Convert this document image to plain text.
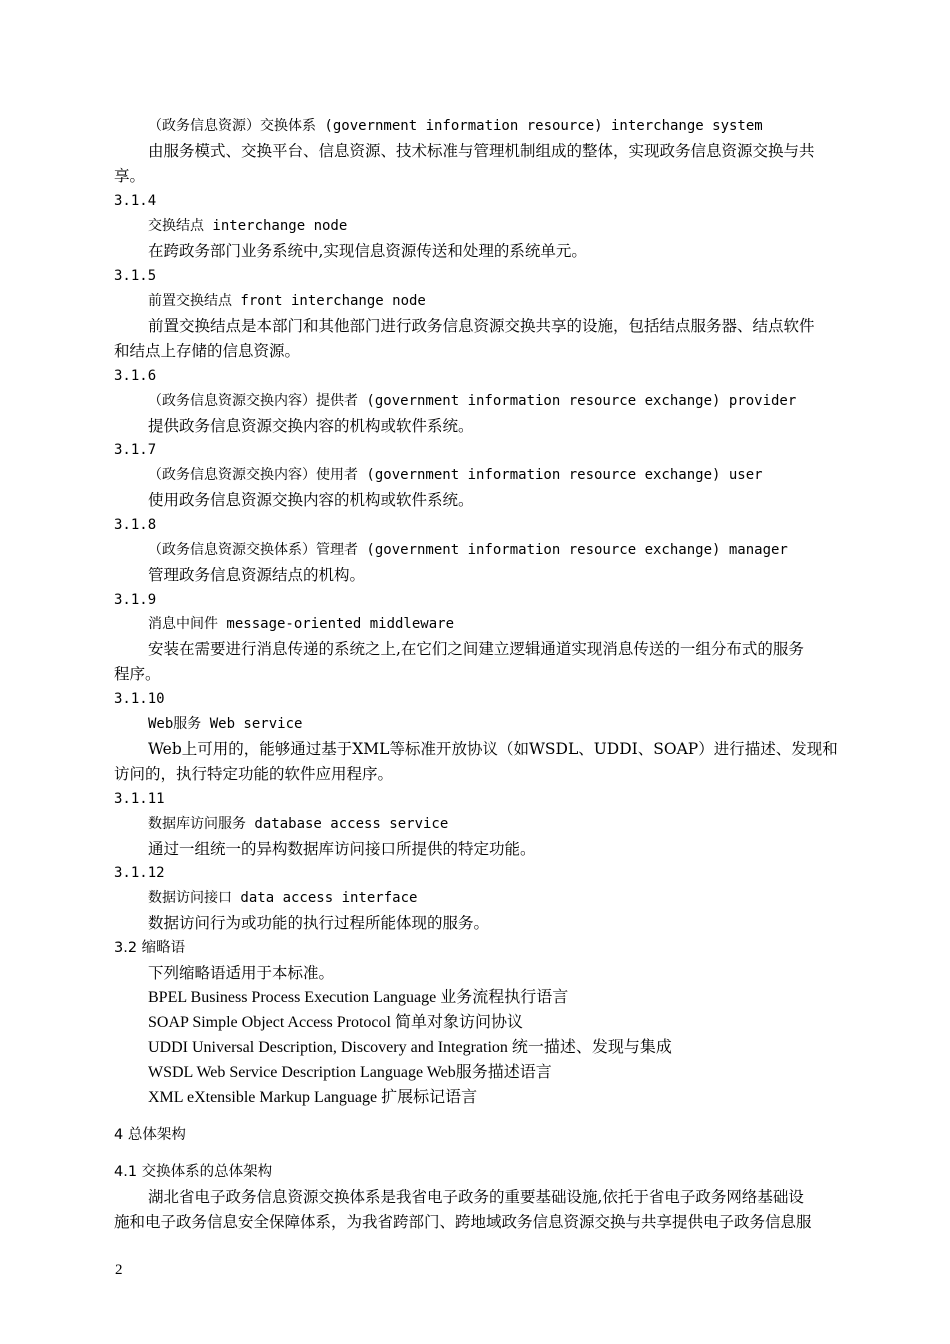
（政务信息资源）交换体系 (government information resource) interchange system
由服务模式、交换平台、信息资源、技术标准与管理机制组成的整体，实现政务信息资源交换与共
享。
3.1.4
交换结点 interchange node
在跨政务部门业务系统中,实现信息资源传送和处理的系统单元。
3.1.5
前置交换结点 front interchange node
前置交换结点是本部门和其他部门进行政务信息资源交换共享的设施，包括结点服务器、结点软件
和结点上存储的信息资源。
3.1.6
（政务信息资源交换内容）提供者 (government information resource exchange) provider
提供政务信息资源交换内容的机构或软件系统。
3.1.7
（政务信息资源交换内容）使用者 (government information resource exchange) user
使用政务信息资源交换内容的机构或软件系统。
3.1.8
（政务信息资源交换体系）管理者 (government information resource exchange) manager
管理政务信息资源结点的机构。
3.1.9
消息中间件 message-oriented middleware
安装在需要进行消息传递的系统之上,在它们之间建立逻辑通道实现消息传送的一组分布式的服务
程序。
3.1.10
Web服务 Web service
Web上可用的，能够通过基于XML等标准开放协议（如WSDL、UDDI、SOAP）进行描述、发现和
访问的，执行特定功能的软件应用程序。
3.1.11
数据库访问服务 database access service
通过一组统一的异构数据库访问接口所提供的特定功能。
3.1.12
数据访问接口 data access interface
数据访问行为或功能的执行过程所能体现的服务。
3.2 缩略语
下列缩略语适用于本标准。
BPEL Business Process Execution Language 业务流程执行语言
SOAP Simple Object Access Protocol 简单对象访问协议
UDDI Universal Description, Discovery and Integration 统一描述、发现与集成
WSDL Web Service Description Language Web服务描述语言
XML eXtensible Markup Language 扩展标记语言
4 总体架构
4.1 交换体系的总体架构
湖北省电子政务信息资源交换体系是我省电子政务的重要基础设施,依托于省电子政务网络基础设
施和电子政务信息安全保障体系，为我省跨部门、跨地域政务信息资源交换与共享提供电子政务信息服
2
